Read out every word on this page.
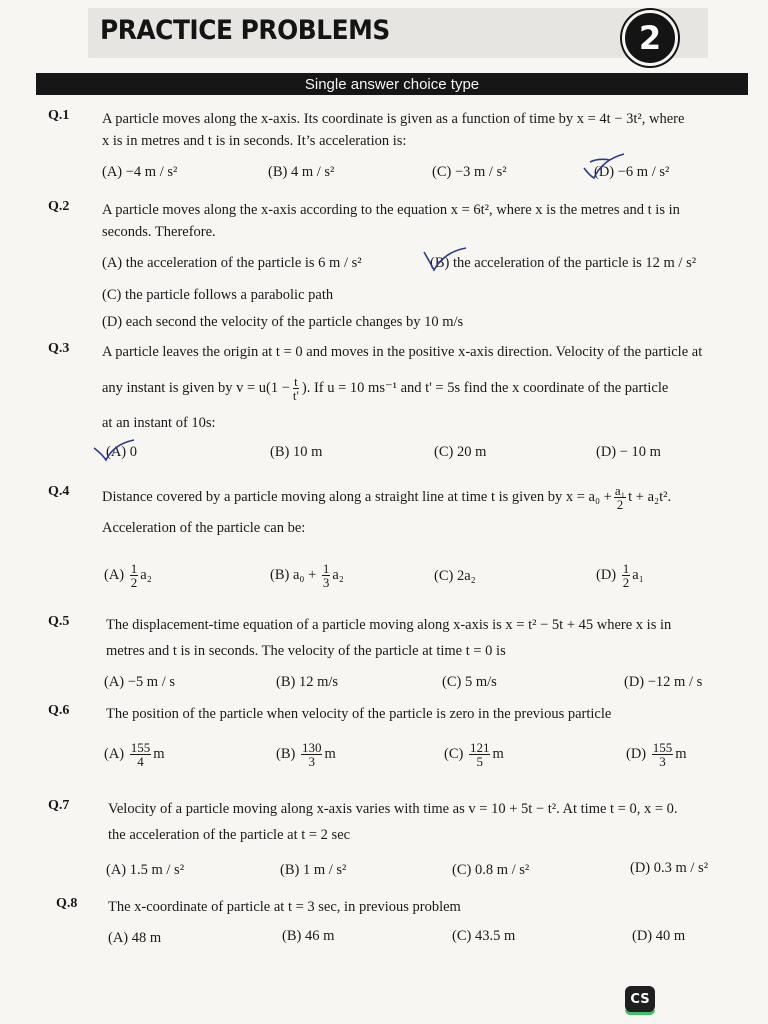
PRACTICE PROBLEMS	2
Single answer choice type
Q.1 A particle moves along the x-axis. Its coordinate is given as a function of time by x = 4t − 3t², where
x is in metres and t is in seconds. It’s acceleration is:
(A) −4 m / s²	(B) 4 m / s²	(C) −3 m / s²	(D) −6 m / s²
Q.2 A particle moves along the x-axis according to the equation x = 6t², where x is the metres and t is in
seconds. Therefore.
(A) the acceleration of the particle is 6 m / s²	(B) the acceleration of the particle is 12 m / s²
(C) the particle follows a parabolic path
(D) each second the velocity of the particle changes by 10 m/s
Q.3 A particle leaves the origin at t = 0 and moves in the positive x-axis direction. Velocity of the particle at
any instant is given by $v = u(1 - \frac{t}{t'}$ ). If u = 10 ms⁻¹ and t' = 5s find the x coordinate of the particle
at an instant of 10s:
(A) 0	(B) 10 m	(C) 20 m	(D) − 10 m
Q.4 Distance covered by a particle moving along a straight line at time t is given by $x = a_0 + \frac{\text{a₁}}{2}$ t + a₂t².
Acceleration of the particle can be:
$(A) \frac{1}{2} a_2$	(B) $a_0 + \frac{1}{3} a_2$	(C) 2a₂	$(D) \frac{1}{2} a_1$
Q.5	The displacement-time equation of a particle moving along x-axis is x = t² − 5t + 45 where x is in
metres and t is in seconds. The velocity of the particle at time t = 0 is
(A) −5 m / s	(B) 12 m/s	(C) 5 m/s	(D) −12 m / s
Q.6	The position of the particle when velocity of the particle is zero in the previous particle
$(A) \frac{155}{4}$ m	$(B) \frac{130}{3}$ m	$(C) \frac{121}{5}$ m	$(D) \frac{155}{3}$ m
Q.7	Velocity of a particle moving along x-axis varies with time as v = 10 + 5t − t². At time t = 0, x = 0.
the acceleration of the particle at t = 2 sec
(A) 1.5 m / s²	(B) 1 m / s²	(C) 0.8 m / s²	(D) 0.3 m / s²
Q.8 The x-coordinate of particle at t = 3 sec, in previous problem
(A) 48 m	(B) 46 m	(C) 43.5 m	(D) 40 m
CS
